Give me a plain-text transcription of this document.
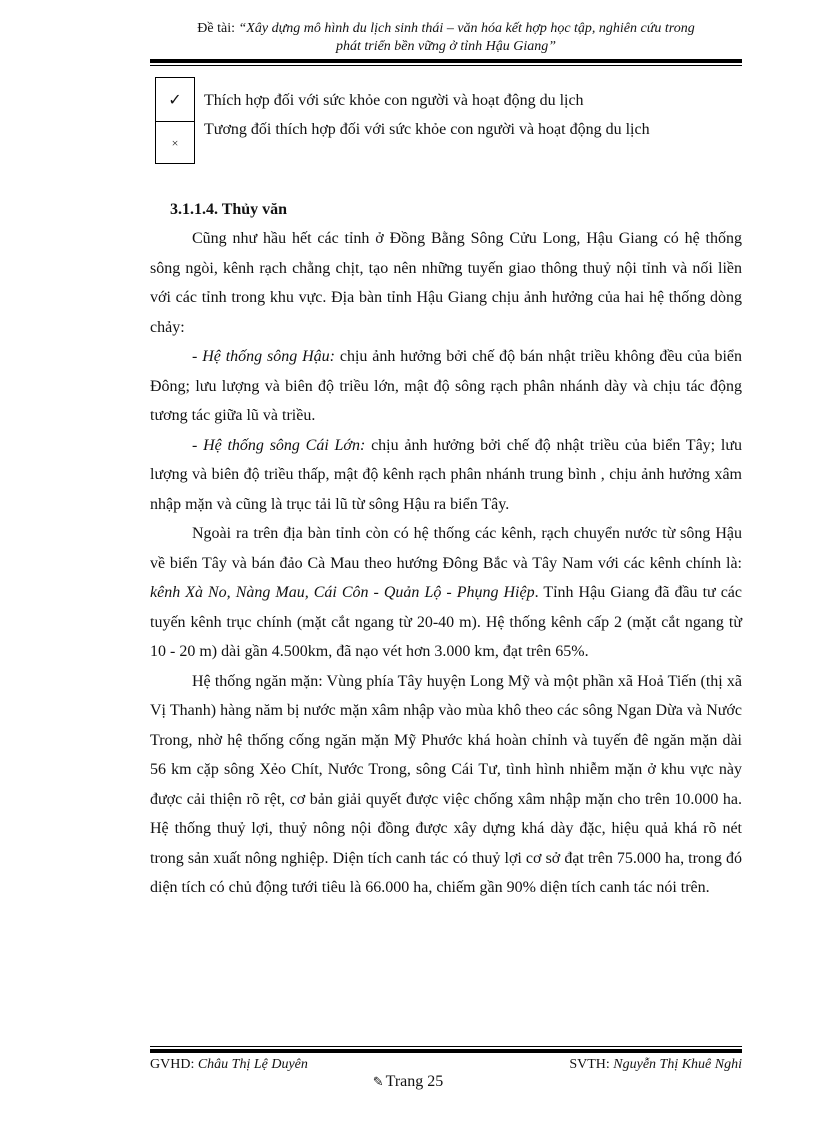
Đề tài: “Xây dựng mô hình du lịch sinh thái – văn hóa kết hợp học tập, nghiên cứu trong
phát triển bền vững ở tỉnh Hậu Giang”
✓
×
Thích hợp đối với sức khỏe con người và hoạt động du lịch
Tương đối thích hợp đối với sức khỏe con người và hoạt động du lịch
3.1.1.4. Thủy văn

Cũng như hầu hết các tỉnh ở Đồng Bằng Sông Cửu Long, Hậu Giang có hệ thống sông ngòi, kênh rạch chằng chịt, tạo nên những tuyến giao thông thuỷ nội tỉnh và nối liền với các tỉnh trong khu vực. Địa bàn tỉnh Hậu Giang chịu ảnh hưởng của hai hệ thống dòng chảy:

- Hệ thống sông Hậu: chịu ảnh hưởng bởi chế độ bán nhật triều không đều của biển Đông; lưu lượng và biên độ triều lớn, mật độ sông rạch phân nhánh dày và chịu tác động tương tác giữa lũ và triều.

- Hệ thống sông Cái Lớn: chịu ảnh hưởng bởi chế độ nhật triều của biển Tây; lưu lượng và biên độ triều thấp, mật độ kênh rạch phân nhánh trung bình , chịu ảnh hưởng xâm nhập mặn và cũng là trục tải lũ từ sông Hậu ra biển Tây.

Ngoài ra trên địa bàn tỉnh còn có hệ thống các kênh, rạch chuyển nước từ sông Hậu về biển Tây và bán đảo Cà Mau theo hướng Đông Bắc và Tây Nam với các kênh chính là: kênh Xà No, Nàng Mau, Cái Côn - Quản Lộ - Phụng Hiệp. Tỉnh Hậu Giang đã đầu tư các tuyến kênh trục chính (mặt cắt ngang từ 20-40 m). Hệ thống kênh cấp 2 (mặt cắt ngang từ 10 - 20 m) dài gần 4.500km, đã nạo vét hơn 3.000 km, đạt trên 65%.

Hệ thống ngăn mặn: Vùng phía Tây huyện Long Mỹ và một phần xã Hoả Tiến (thị xã Vị Thanh) hàng năm bị nước mặn xâm nhập vào mùa khô theo các sông Ngan Dừa và Nước Trong, nhờ hệ thống cống ngăn mặn Mỹ Phước khá hoàn chỉnh và tuyến đê ngăn mặn dài 56 km cặp sông Xẻo Chít, Nước Trong, sông Cái Tư, tình hình nhiễm mặn ở khu vực này được cải thiện rõ rệt, cơ bản giải quyết được việc chống xâm nhập mặn cho trên 10.000 ha. Hệ thống thuỷ lợi, thuỷ nông nội đồng được xây dựng khá dày đặc, hiệu quả khá rõ nét trong sản xuất nông nghiệp. Diện tích canh tác có thuỷ lợi cơ sở đạt trên 75.000 ha, trong đó diện tích có chủ động tưới tiêu là 66.000 ha, chiếm gần 90% diện tích canh tác nói trên.

GVHD: Châu Thị Lệ Duyên	SVTH: Nguyễn Thị Khuê Nghi
✎ Trang 25
